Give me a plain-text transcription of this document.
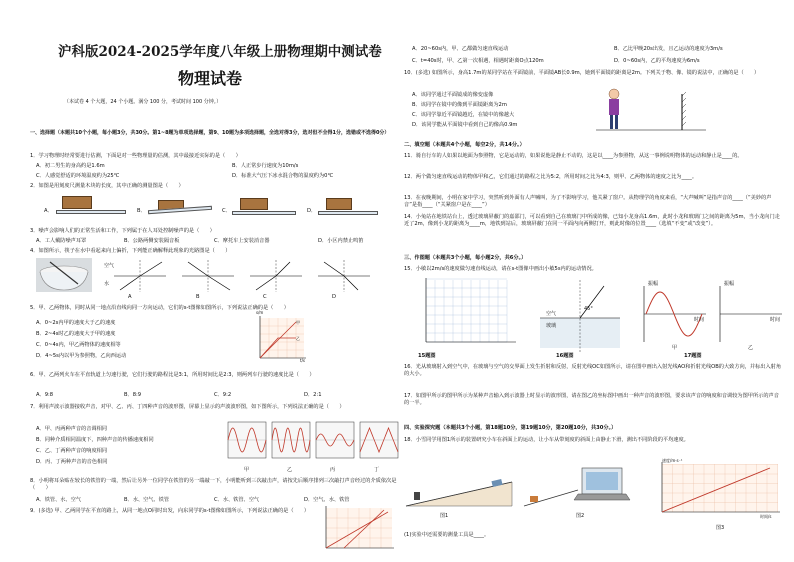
沪科版2024-2025学年度八年级上册物理期中测试卷
物理试卷
（本试卷 4 个大题，24 个小题。满分 100 分，考试时间 100 分钟。）
一、选择题（本题共10个小题，每小题3分，共30分。第1~8题为单项选择题，第9、10题为多项选择题，全选对得3分，选对但不全得1分，选错或不选得0分）
1．学习物理时经常要进行估测，下面是对一些物理量的估测，其中最接近实际的是（　　）
A．初二男生的身高约是1.6m	B．人正常步行速度为10m/s
C．人感觉舒适的环境温度约为25℃	D．标准大气压下冰水混合物的温度约为0℃
2．如图是用刻度尺测量木块的长度，其中正确的测量图是（　　）
A．	B．	C．	D．
3．噪声会影响人们的正常生活和工作，下列属于在人耳处控制噪声的是（　　）
A．工人戴防噪声耳罩	B．公路两侧安装隔音板	C．摩托车上安装消音器	D．小区内禁止鸣笛
4．如图所示，筷子在水中看起来向上偏折，下列能正确解释此现象的光路图是（　　）
A	B	C	D
空气
水
5．甲、乙两物体，同时从同一地点沿直线向同一方向运动，它们的s-t图像如图所示，下列说法正确的是（　　）
A．0~2s内甲的速度大于乙的速度
B．2~4s时乙的速度大于甲的速度
C．0~4s内，甲乙两物体的速度相等
D．4~5s内以甲为参照物，乙向西运动
s/m
t/s
甲
乙
6．甲、乙两列火车在平直轨道上匀速行驶，它们行驶的路程比是3:1，所用时间比是2:3，则两列车行驶的速度比是（　　）
A．9:8	B．8:9	C．9:2	D．2:1
7．利用声波示波器接收声音，对甲、乙、丙、丁四种声音的波形图，屏幕上显示的声波波形图，如下图所示，下列说法正确的是（　　）
A．甲、丙两种声音的音调相同
B．同种介质相同温度下，四种声音的传播速度相同
C．乙、丁两种声音的响度相同
D．丙、丁两种声音的音色相同
甲	乙	丙	丁
8．小明将耳朵贴在较长的铁管的一端，然后让另外一位同学在铁管的另一端敲一下，小明能听到三次敲击声，请按先后顺序排列三次敲打声音经过的介质依次是（　　）
A．铁管、水、空气	B．水、空气、铁管	C．水、铁管、空气	D．空气、水、铁管
9．(多选) 甲、乙两同学在平直的路上，从同一地点O同时出发，向东同学的s-t图像如图所示，下列说法正确的是（　　）
A．20~60s内，甲、乙都做匀速直线运动	B．乙比甲晚20s出发，且乙运动的速度为3m/s
C．t=40s时，甲、乙第一次相遇，相遇时距离O点120m	D．0~60s内，乙的平均速度为6m/s
10．(多选) 如图所示，身高1.7m的某同学站在平面镜前，平面镜AB长0.9m，她到平面镜的距离是2m。下列关于物、像、镜的说法中，正确的是（　　）
A．该同学通过平面镜成的像变虚像
B．该同学在镜中的像到平面镜距离为2m
C．该同学靠近平面镜越近，在镜中的像越大
D．该同学能从平面镜中看到自己的像高0.9m
二、填空题（本题共4个小题，每空2分，共14分。）
11．骑自行车的人如果以地面为参照物，它是运动的，如果说他是静止不动的，这是以____为参照物，从这一事例说明物体的运动和静止是____的。
12．两个做匀速直线运动的物体甲和乙，它们通过的路程之比为5:2，所用时间之比为4:3，则甲、乙两物体的速度之比为____。
13．在夜晚期间，小明在家中学习，突然听到外面有人声喊叫，为了不影响学习，他关紧了窗户。从物理学的角度来看，“大声喊叫”是指声音的____（“美妙的声音”是指____（“关紧窗户是在____”）
14．小兔站在地铁站台上，透过玻璃屏蔽门的嘉邵门，可以看到自己在玻璃门中所成的像，已知小龙身高1.6m，此时小龙和玻璃门之间的距离为5m，当小龙向门走近了2m，像到小龙的距离为____m，地铁到站后，玻璃屏蔽门在同一平面内向两侧打开，则此时像的位置____（选填“不变”或“改变”）。
三、作图题（本题共3个小题，每小题2分，共6分。）
15．小敏以2m/s的速度做匀速直线运动，请在s-t图像中画出小敏5s内的运动情况。
空气
玻璃
45°
振幅
时间
振幅
时间
甲	乙
15题图	16题图	17题图
16．光从玻璃射入到空气中，在玻璃与空气的交界面上发生折射和反射，反射光线OC如图所示，请在图中画出入射光线AO和折射光线OB的大致方向，并标出入射角的大小。
17．如图甲所示的图甲所示为某种声音输入到示波器上时显示的波形图，请在图乙的坐标图中画出一种声音的波形图，要求该声音的响度和音调较为图甲所示的声音的一半。
四、实验探究题（本题共3个小题，第18题10分，第19题10分，第20题10分，共30分。）
18．小雪同学用图1所示的装置研究小车在斜面上的运动，让小车从带刻度的斜面上由静止下滑，测出不同阶段的平均速度。
速度/m·s⁻¹
时间/s
图1	图2
图3
(1)实验中还需要的测量工具是____。
